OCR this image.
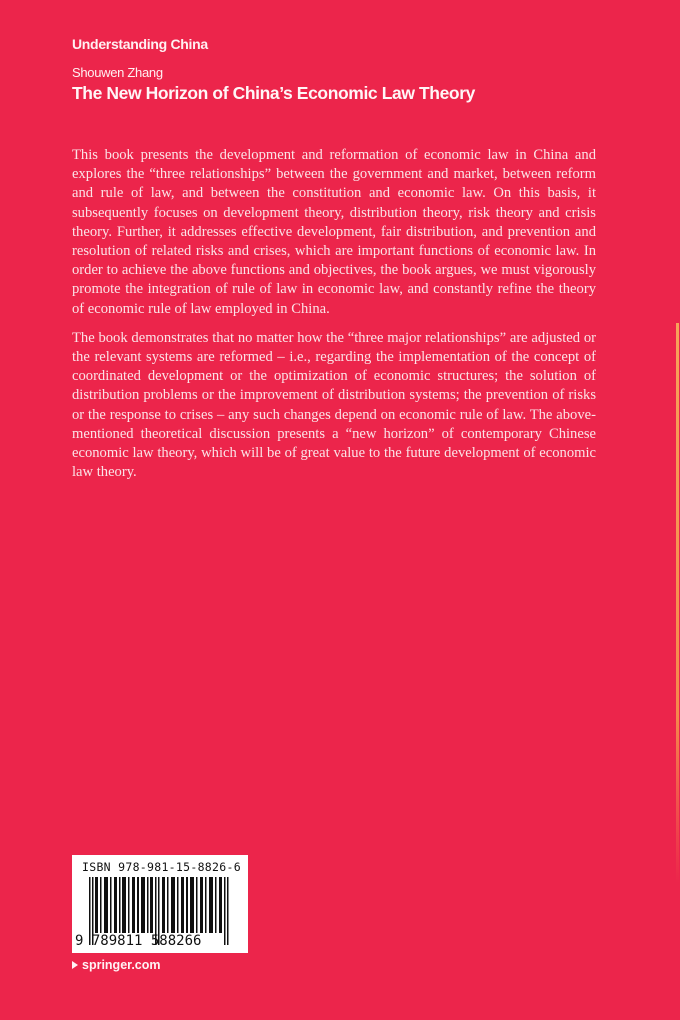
Understanding China
Shouwen Zhang
The New Horizon of China’s Economic Law Theory

This book presents the development and reformation of economic law in China and explores the “three relationships” between the government and market, between reform and rule of law, and between the constitution and economic law. On this basis, it subsequently focuses on development theory, distribution theory, risk theory and crisis theory. Further, it addresses effective development, fair distribution, and prevention and resolution of related risks and crises, which are important functions of economic law. In order to achieve the above functions and objectives, the book argues, we must vigorously promote the integration of rule of law in economic law, and constantly refine the theory of economic rule of law employed in China.

The book demonstrates that no matter how the “three major relationships” are adjusted or the relevant systems are reformed – i.e., regarding the implementation of the concept of coordinated development or the optimization of economic structures; the solution of distribution problems or the improvement of distribution systems; the prevention of risks or the response to crises – any such changes depend on economic rule of law. The above-mentioned theoretical discussion presents a “new horizon” of contemporary Chinese economic law theory, which will be of great value to the future development of economic law theory.

ISBN 978-981-15-8826-6
9 789811 588266
springer.com
